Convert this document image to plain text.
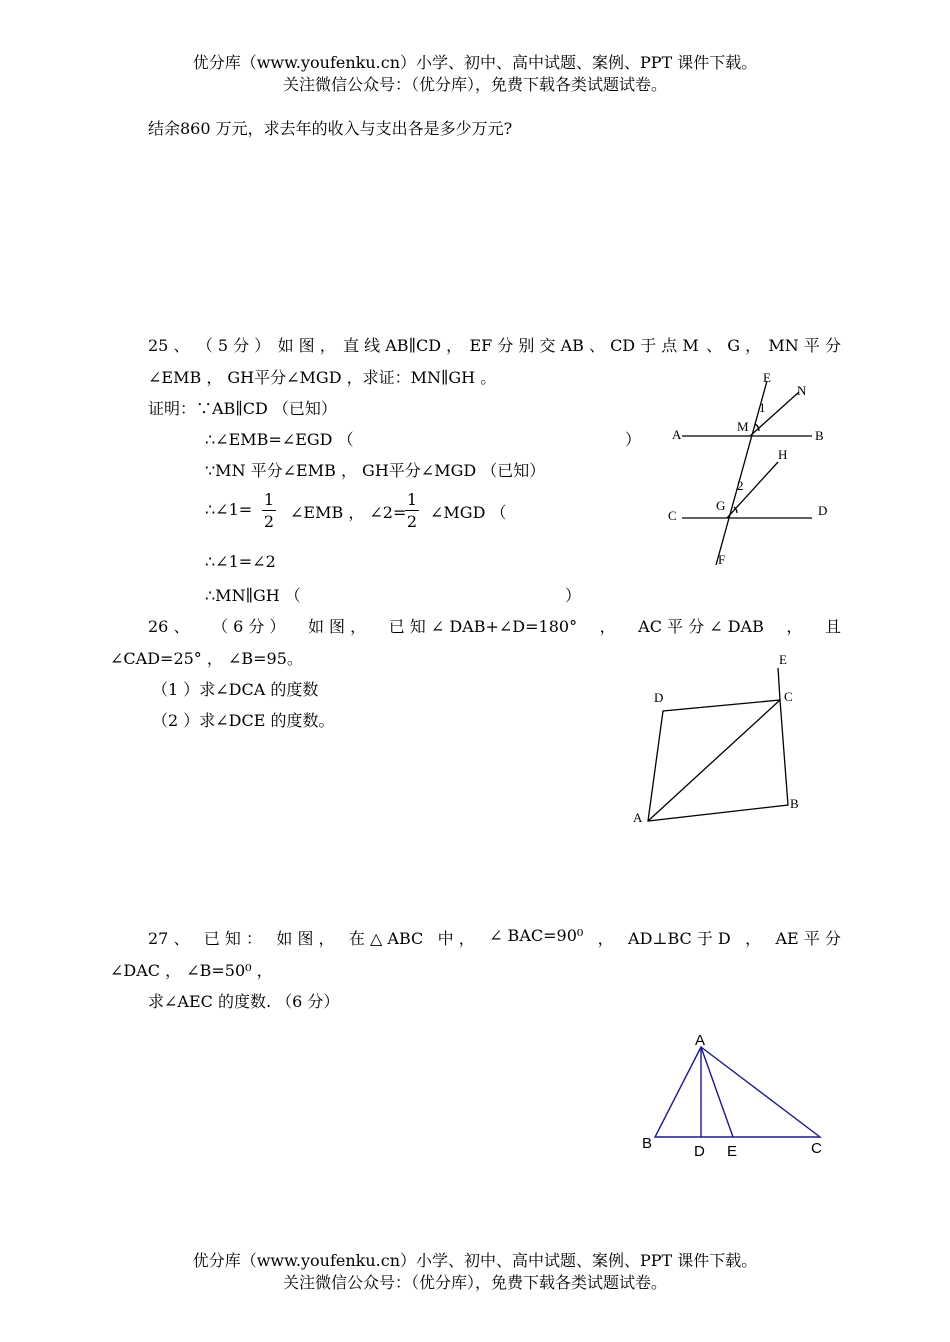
优分库（www.youfenku.cn）小学、初中、高中试题、案例、PPT 课件下载。
关注微信公众号：（优分库），免费下载各类试题试卷。
结余860 万元，求去年的收入与支出各是多少万元?
25 、 （ 5 分 ） 如 图 ， 直 线 AB∥CD ， EF 分 别 交 AB 、 CD 于 点 M 、 G ， MN 平 分
∠EMB ， GH平分∠MGD ，求证：MN∥GH 。
证明：∵AB∥CD （已知）
∴∠EMB=∠EGD （	）
∵MN 平分∠EMB ， GH平分∠MGD （已知）
∴∠1= $\frac{1}{2}$ ∠EMB ， ∠2=
$\frac{1}{2}$ ∠MGD （
∴∠1=∠2
∴MN∥GH （	）
E
N
1
A
M
B
H
2
G
C	D
F
26 、 （ 6 分 ） 如 图 ， 已 知 ∠ DAB+∠D=180° ， AC 平 分 ∠ DAB ， 且
∠CAD=25° ， ∠B=95。
（1 ）求∠DCA 的度数
（2 ）求∠DCE 的度数。
E
D	C
B
A
27 、 已 知 ： 如 图 ， 在 △ ABC 中 ， ∠ BAC=90⁰ ， AD⊥BC 于 D ， AE 平 分
∠DAC ， ∠B=50⁰ ，
求∠AEC 的度数. （6 分）
A
B	D E	C
优分库（www.youfenku.cn）小学、初中、高中试题、案例、PPT 课件下载。
关注微信公众号：（优分库），免费下载各类试题试卷。
